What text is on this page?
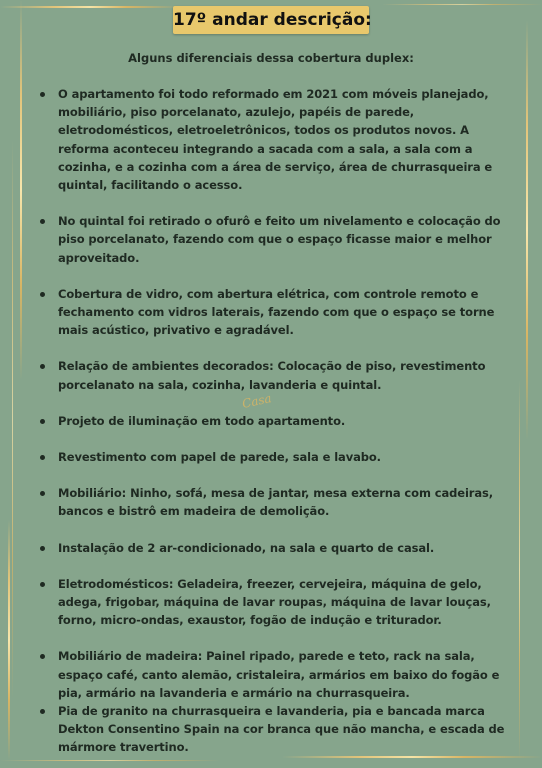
17º andar descrição:
Alguns diferenciais dessa cobertura duplex:
O apartamento foi todo reformado em 2021 com móveis planejado, mobiliário, piso porcelanato, azulejo, papéis de parede, eletrodomésticos, eletroeletrônicos, todos os produtos novos. A reforma aconteceu integrando a sacada com a sala, a sala com a cozinha, e a cozinha com a área de serviço, área de churrasqueira e quintal, facilitando o acesso.
No quintal foi retirado o ofurô e feito um nivelamento e colocação do piso porcelanato, fazendo com que o espaço ficasse maior e melhor aproveitado.
Cobertura de vidro, com abertura elétrica, com controle remoto e fechamento com vidros laterais, fazendo com que o espaço se torne mais acústico, privativo e agradável.
Relação de ambientes decorados: Colocação de piso, revestimento porcelanato na sala, cozinha, lavanderia e quintal.
Projeto de iluminação em todo apartamento.
Revestimento com papel de parede, sala e lavabo.
Mobiliário: Ninho, sofá, mesa de jantar, mesa externa com cadeiras, bancos e bistrô em madeira de demolição.
Instalação de 2 ar-condicionado, na sala e quarto de casal.
Eletrodomésticos: Geladeira, freezer, cervejeira, máquina de gelo, adega, frigobar, máquina de lavar roupas, máquina de lavar louças, forno, micro-ondas, exaustor, fogão de indução e triturador.
Mobiliário de madeira: Painel ripado, parede e teto, rack na sala, espaço café, canto alemão, cristaleira, armários em baixo do fogão e pia, armário na lavanderia e armário na churrasqueira.
Pia de granito na churrasqueira e lavanderia, pia e bancada marca Dekton Consentino Spain na cor branca que não mancha, e escada de mármore travertino.
Casa
